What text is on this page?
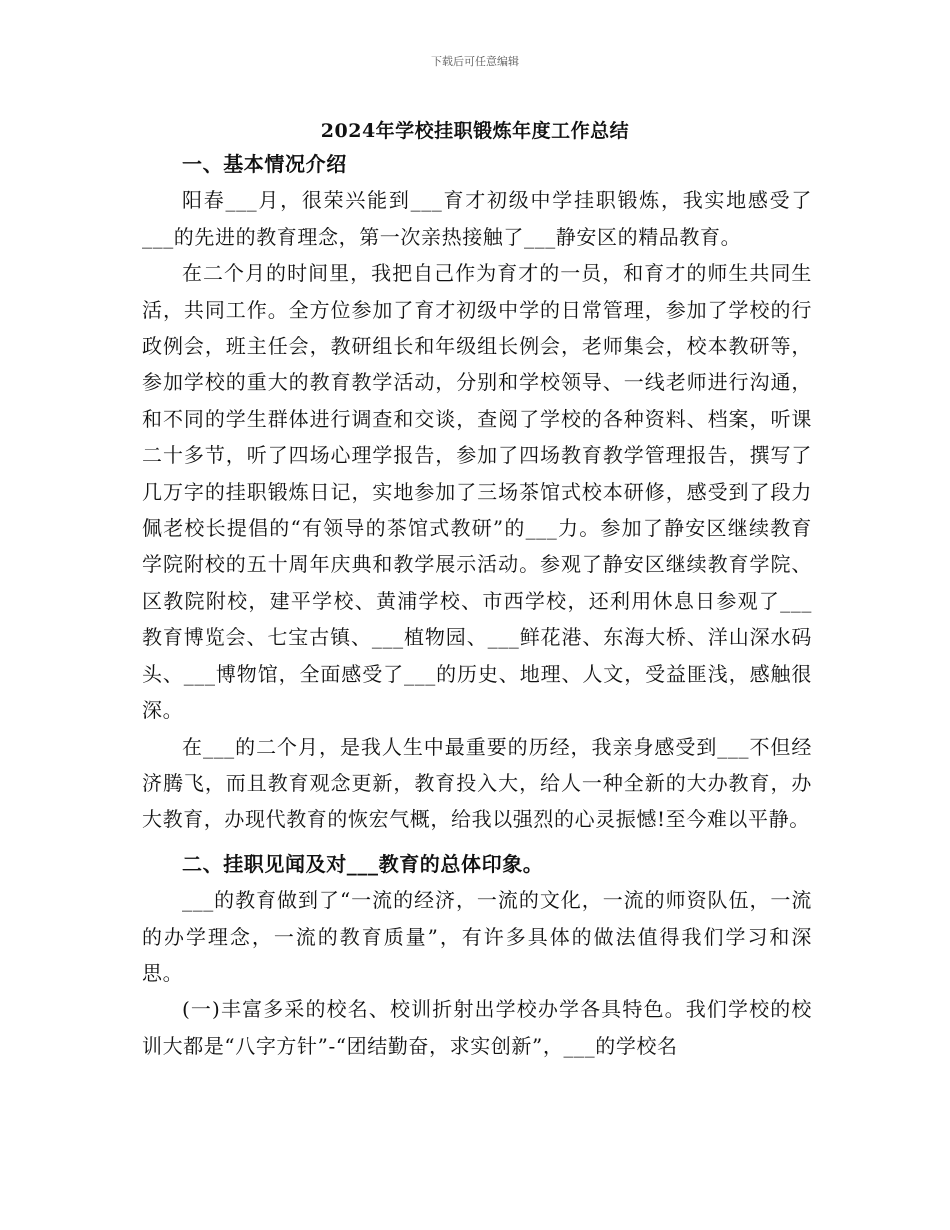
下载后可任意编辑
2024年学校挂职锻炼年度工作总结
一、基本情况介绍

阳春___月，很荣兴能到___育才初级中学挂职锻炼，我实地感受了___的先进的教育理念，第一次亲热接触了___静安区的精品教育。

在二个月的时间里，我把自己作为育才的一员，和育才的师生共同生活，共同工作。全方位参加了育才初级中学的日常管理，参加了学校的行政例会，班主任会，教研组长和年级组长例会，老师集会，校本教研等，参加学校的重大的教育教学活动，分别和学校领导、一线老师进行沟通，和不同的学生群体进行调查和交谈，查阅了学校的各种资料、档案，听课二十多节，听了四场心理学报告，参加了四场教育教学管理报告，撰写了几万字的挂职锻炼日记，实地参加了三场茶馆式校本研修，感受到了段力佩老校长提倡的“有领导的茶馆式教研”的___力。参加了静安区继续教育学院附校的五十周年庆典和教学展示活动。参观了静安区继续教育学院、区教院附校，建平学校、黄浦学校、市西学校，还利用休息日参观了___教育博览会、七宝古镇、___植物园、___鲜花港、东海大桥、洋山深水码头、___博物馆，全面感受了___的历史、地理、人文，受益匪浅，感触很深。

在___的二个月，是我人生中最重要的历经，我亲身感受到___不但经济腾飞，而且教育观念更新，教育投入大，给人一种全新的大办教育，办大教育，办现代教育的恢宏气概，给我以强烈的心灵振憾!至今难以平静。

二、挂职见闻及对___教育的总体印象。

___的教育做到了“一流的经济，一流的文化，一流的师资队伍，一流的办学理念，一流的教育质量”，有许多具体的做法值得我们学习和深思。

(一)丰富多采的校名、校训折射出学校办学各具特色。我们学校的校训大都是“八字方针”-“团结勤奋，求实创新”，___的学校名
